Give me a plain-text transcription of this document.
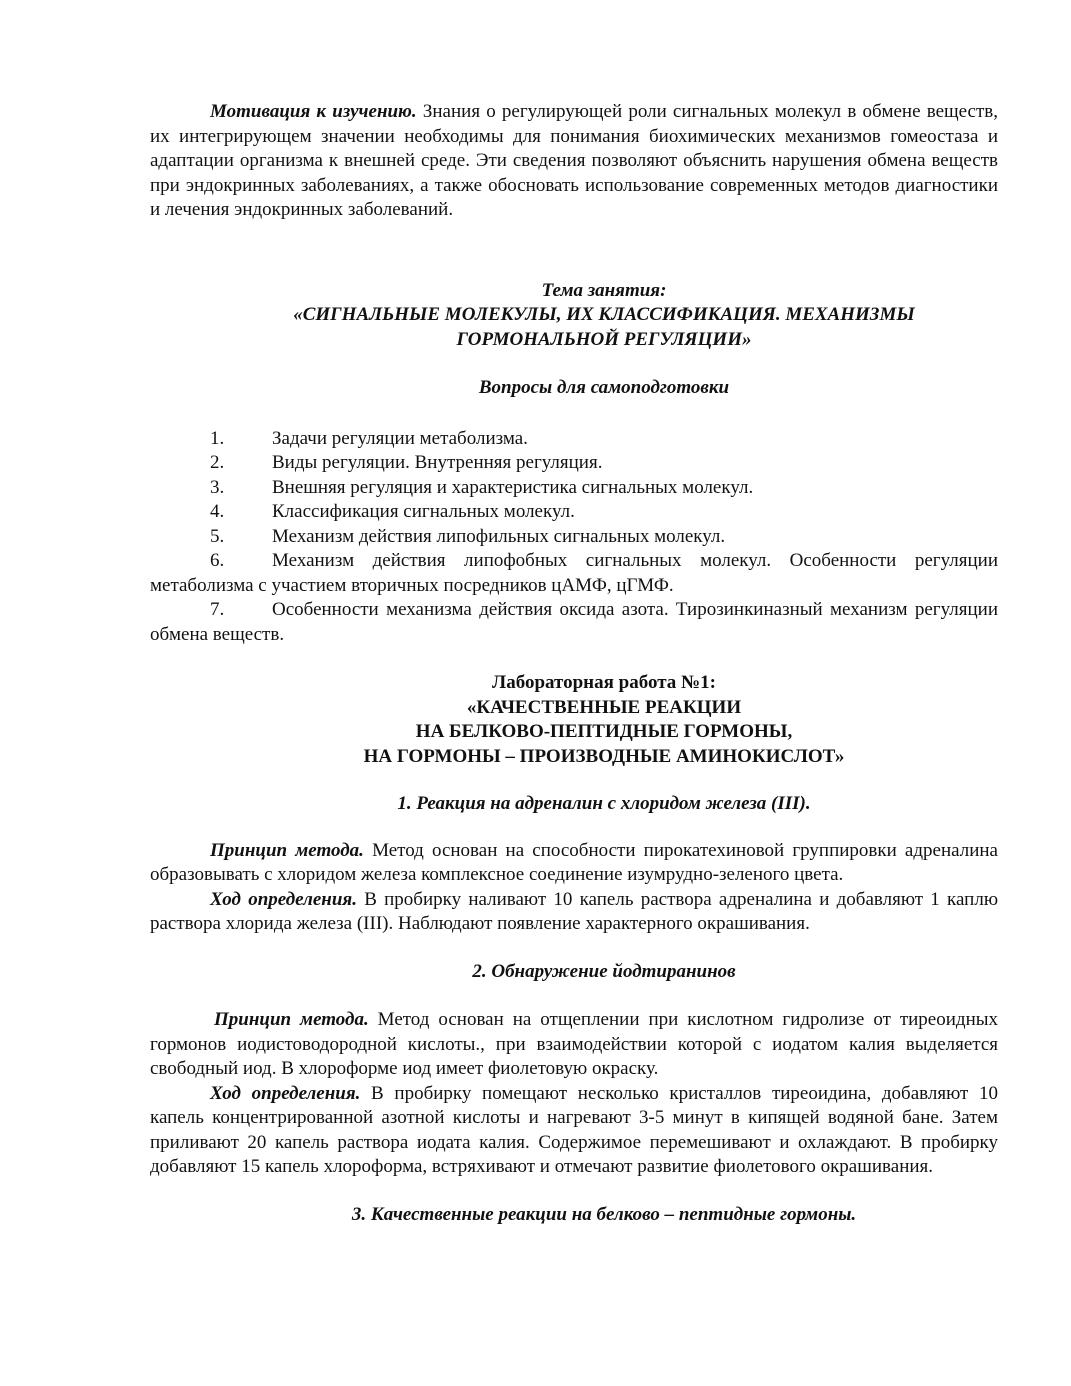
Мотивация к изучению. Знания о регулирующей роли сигнальных молекул в обмене веществ, их интегрирующем значении необходимы для понимания биохимических механизмов гомеостаза и адаптации организма к внешней среде. Эти сведения позволяют объяснить нарушения обмена веществ при эндокринных заболеваниях, а также обосновать использование современных методов диагностики и лечения эндокринных заболеваний.

Тема занятия:

«СИГНАЛЬНЫЕ МОЛЕКУЛЫ, ИХ КЛАССИФИКАЦИЯ. МЕХАНИЗМЫ

ГОРМОНАЛЬНОЙ РЕГУЛЯЦИИ»

Вопросы для самоподготовки

1.	Задачи регуляции метаболизма.
2.	Виды регуляции. Внутренняя регуляция.
3.	Внешняя регуляция и характеристика сигнальных молекул.
4.	Классификация сигнальных молекул.
5.	Механизм действия липофильных сигнальных молекул.
6.	Механизм действия липофобных сигнальных молекул. Особенности регуляции метаболизма с участием вторичных посредников цАМФ, цГМФ.
7.	Особенности механизма действия оксида азота. Тирозинкиназный механизм регуляции обмена веществ.

Лабораторная работа №1:

«КАЧЕСТВЕННЫЕ РЕАКЦИИ

НА БЕЛКОВО-ПЕПТИДНЫЕ ГОРМОНЫ,

НА ГОРМОНЫ – ПРОИЗВОДНЫЕ АМИНОКИСЛОТ»

1. Реакция на адреналин с хлоридом железа (III).

Принцип метода. Метод основан на способности пирокатехиновой группировки адреналина образовывать с хлоридом железа комплексное соединение изумрудно-зеленого цвета.

Ход определения. В пробирку наливают 10 капель раствора адреналина и добавляют 1 каплю раствора хлорида железа (III). Наблюдают появление характерного окрашивания.

2. Обнаружение йодтиранинов

Принцип метода. Метод основан на отщеплении при кислотном гидролизе от тиреоидных гормонов иодистоводородной кислоты., при взаимодействии которой с иодатом калия выделяется свободный иод. В хлороформе иод имеет фиолетовую окраску.

Ход определения. В пробирку помещают несколько кристаллов тиреоидина, добавляют 10 капель концентрированной азотной кислоты и нагревают 3-5 минут в кипящей водяной бане. Затем приливают 20 капель раствора иодата калия. Содержимое перемешивают и охлаждают. В пробирку добавляют 15 капель хлороформа, встряхивают и отмечают развитие фиолетового окрашивания.

3. Качественные реакции на белково – пептидные гормоны.
